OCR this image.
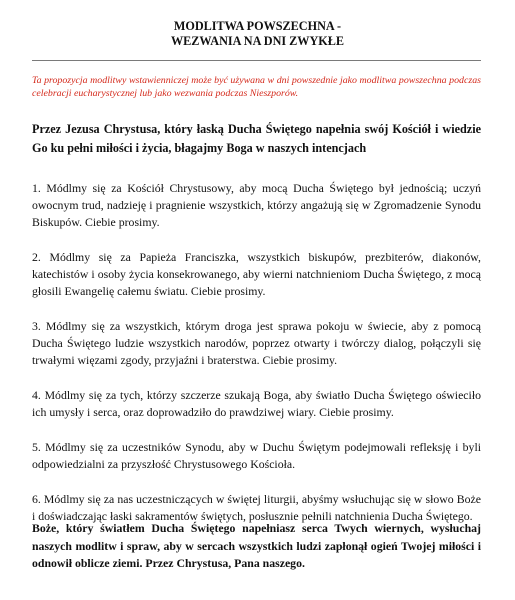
MODLITWA POWSZECHNA -
WEZWANIA NA DNI ZWYKŁE
Ta propozycja modlitwy wstawienniczej może być używana w dni powszednie jako modlitwa powszechna podczas celebracji eucharystycznej lub jako wezwania podczas Nieszporów.
Przez Jezusa Chrystusa, który łaską Ducha Świętego napełnia swój Kościół i wiedzie Go ku pełni miłości i życia, błagajmy Boga w naszych intencjach

1. Módlmy się za Kościół Chrystusowy, aby mocą Ducha Świętego był jednością; uczyń owocnym trud, nadzieję i pragnienie wszystkich, którzy angażują się w Zgromadzenie Synodu Biskupów. Ciebie prosimy.

2. Módlmy się za Papieża Franciszka, wszystkich biskupów, prezbiterów, diakonów, katechistów i osoby życia konsekrowanego, aby wierni natchnieniom Ducha Świętego, z mocą głosili Ewangelię całemu światu. Ciebie prosimy.

3. Módlmy się za wszystkich, którym droga jest sprawa pokoju w świecie, aby z pomocą Ducha Świętego ludzie wszystkich narodów, poprzez otwarty i twórczy dialog, połączyli się trwałymi więzami zgody, przyjaźni i braterstwa. Ciebie prosimy.

4. Módlmy się za tych, którzy szczerze szukają Boga, aby światło Ducha Świętego oświeciło ich umysły i serca, oraz doprowadziło do prawdziwej wiary. Ciebie prosimy.

5. Módlmy się za uczestników Synodu, aby w Duchu Świętym podejmowali refleksję i byli odpowiedzialni za przyszłość Chrystusowego Kościoła.

6. Módlmy się za nas uczestniczących w świętej liturgii, abyśmy wsłuchując się w słowo Boże i doświadczając łaski sakramentów świętych, posłusznie pełnili natchnienia Ducha Świętego.

Boże, który światłem Ducha Świętego napełniasz serca Twych wiernych, wysłuchaj naszych modlitw i spraw, aby w sercach wszystkich ludzi zapłonął ogień Twojej miłości i odnowił oblicze ziemi. Przez Chrystusa, Pana naszego.
